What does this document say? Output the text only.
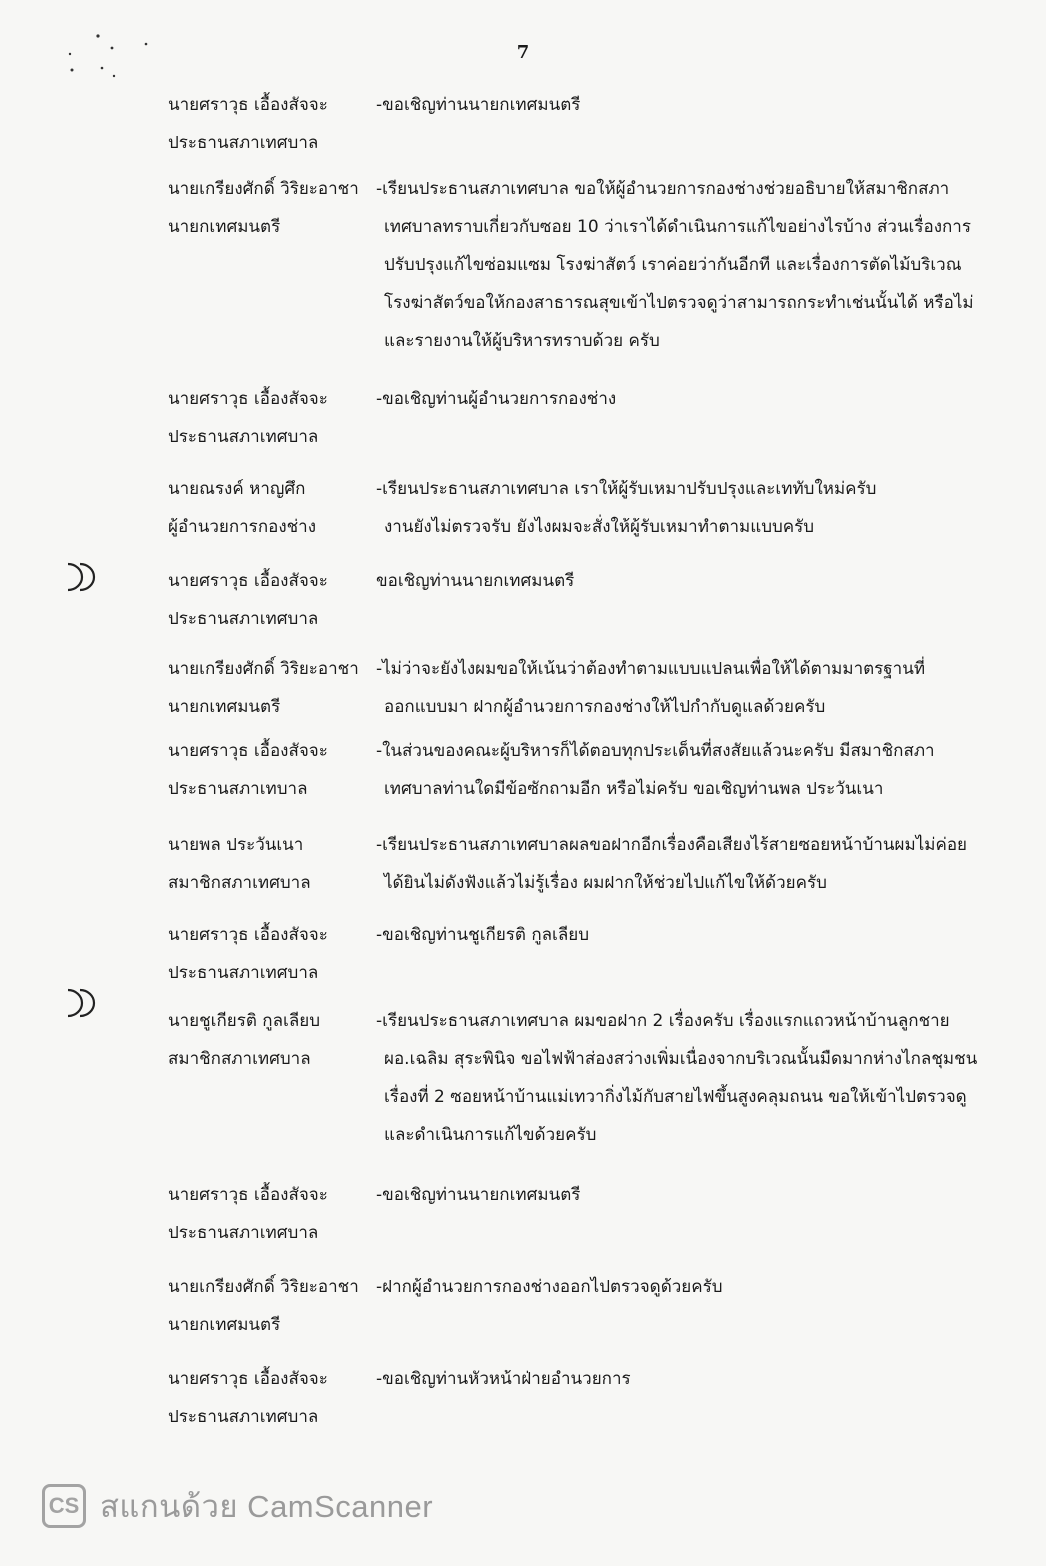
7
นายศราวุธ เอื้องสัจจะ
ประธานสภาเทศบาล
-ขอเชิญท่านนายกเทศมนตรี
นายเกรียงศักดิ์ วิริยะอาชา
นายกเทศมนตรี
-เรียนประธานสภาเทศบาล ขอให้ผู้อำนวยการกองช่างช่วยอธิบายให้สมาชิกสภา
เทศบาลทราบเกี่ยวกับซอย 10 ว่าเราได้ดำเนินการแก้ไขอย่างไรบ้าง ส่วนเรื่องการ
ปรับปรุงแก้ไขซ่อมแซม โรงฆ่าสัตว์ เราค่อยว่ากันอีกที และเรื่องการตัดไม้บริเวณ
โรงฆ่าสัตว์ขอให้กองสาธารณสุขเข้าไปตรวจดูว่าสามารถกระทำเช่นนั้นได้ หรือไม่
และรายงานให้ผู้บริหารทราบด้วย ครับ
นายศราวุธ เอื้องสัจจะ
ประธานสภาเทศบาล
-ขอเชิญท่านผู้อำนวยการกองช่าง
นายณรงค์ หาญศึก
ผู้อำนวยการกองช่าง
-เรียนประธานสภาเทศบาล เราให้ผู้รับเหมาปรับปรุงและเททับใหม่ครับ
งานยังไม่ตรวจรับ ยังไงผมจะสั่งให้ผู้รับเหมาทำตามแบบครับ
นายศราวุธ เอื้องสัจจะ
ประธานสภาเทศบาล
ขอเชิญท่านนายกเทศมนตรี
นายเกรียงศักดิ์ วิริยะอาชา
นายกเทศมนตรี
-ไม่ว่าจะยังไงผมขอให้เน้นว่าต้องทำตามแบบแปลนเพื่อให้ได้ตามมาตรฐานที่
ออกแบบมา ฝากผู้อำนวยการกองช่างให้ไปกำกับดูแลด้วยครับ
นายศราวุธ เอื้องสัจจะ
ประธานสภาเทบาล
-ในส่วนของคณะผู้บริหารก็ได้ตอบทุกประเด็นที่สงสัยแล้วนะครับ มีสมาชิกสภา
เทศบาลท่านใดมีข้อซักถามอีก หรือไม่ครับ ขอเชิญท่านพล ประวันเนา
นายพล ประวันเนา
สมาชิกสภาเทศบาล
-เรียนประธานสภาเทศบาลผลขอฝากอีกเรื่องคือเสียงไร้สายซอยหน้าบ้านผมไม่ค่อย
ได้ยินไม่ดังฟังแล้วไม่รู้เรื่อง ผมฝากให้ช่วยไปแก้ไขให้ด้วยครับ
นายศราวุธ เอื้องสัจจะ
ประธานสภาเทศบาล
-ขอเชิญท่านชูเกียรติ กูลเลียบ
นายชูเกียรติ กูลเลียบ
สมาชิกสภาเทศบาล
-เรียนประธานสภาเทศบาล ผมขอฝาก 2 เรื่องครับ เรื่องแรกแถวหน้าบ้านลูกชาย
ผอ.เฉลิม สุระพินิจ ขอไฟฟ้าส่องสว่างเพิ่มเนื่องจากบริเวณนั้นมืดมากห่างไกลชุมชน
เรื่องที่ 2 ซอยหน้าบ้านแม่เทวากิ่งไม้กับสายไฟขึ้นสูงคลุมถนน ขอให้เข้าไปตรวจดู
และดำเนินการแก้ไขด้วยครับ
นายศราวุธ เอื้องสัจจะ
ประธานสภาเทศบาล
-ขอเชิญท่านนายกเทศมนตรี
นายเกรียงศักดิ์ วิริยะอาชา
นายกเทศมนตรี
-ฝากผู้อำนวยการกองช่างออกไปตรวจดูด้วยครับ
นายศราวุธ เอื้องสัจจะ
ประธานสภาเทศบาล
-ขอเชิญท่านหัวหน้าฝ่ายอำนวยการ
CS สแกนด้วย CamScanner
